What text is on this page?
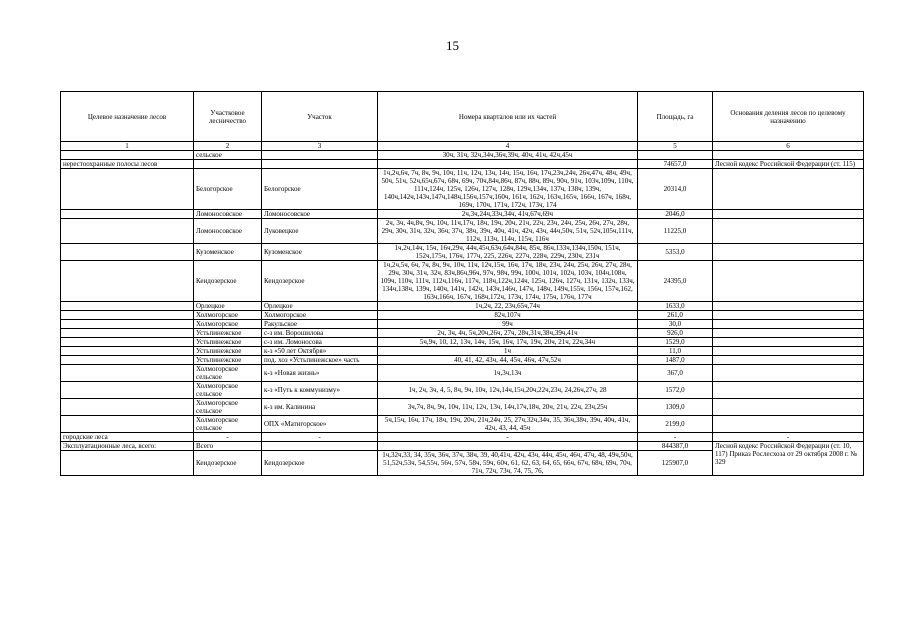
15
Целевое назначение лесов	Участковое лесничество	Участок	Номера кварталов или их частей	Площадь, га	Основания деления лесов по целевому назначению
1	2	3	4	5	6
	сельское		30ч, 31ч, 32ч,34ч,36ч,39ч, 40ч, 41ч, 42ч,45ч		
нерестоохранные полосы лесов				74657,0	Лесной кодекс Российской Федерации (ст. 115)
	Белогорское	Белогорское	1ч,2ч,6ч, 7ч, 8ч, 9ч, 10ч, 11ч, 12ч, 13ч, 14ч, 15ч, 16ч, 17ч,23ч,24ч, 26ч,47ч, 48ч, 49ч, 50ч, 51ч, 52ч,65ч,67ч, 68ч, 69ч, 70ч,84ч,86ч, 87ч, 88ч, 89ч, 90ч, 91ч, 103ч,109ч, 110ч, 111ч,124ч, 125ч, 126ч, 127ч, 128ч, 129ч,134ч, 137ч, 138ч, 139ч, 140ч,142ч,143ч,147ч,148ч,156ч,157ч,160ч, 161ч, 162ч, 163ч,165ч, 166ч, 167ч, 168ч, 169ч, 170ч, 171ч, 172ч, 173ч, 174	20314,0	
	Ломоносовское	Ломоносовское	2ч,3ч,24ч,33ч,34ч, 41ч,67ч,69ч	2046,0	
	Ломоносовское	Луковецкое	2ч, 3ч, 4ч,8ч, 9ч, 10ч, 11ч,17ч, 18ч, 19ч, 20ч, 21ч, 22ч, 23ч, 24ч, 25ч, 26ч, 27ч, 28ч, 29ч, 30ч, 31ч, 32ч, 36ч, 37ч, 38ч, 39ч, 40ч, 41ч, 42ч, 43ч, 44ч,50ч, 51ч, 52ч,105ч,111ч, 112ч, 113ч, 114ч, 115ч, 116ч	11225,0	
	Кузоменское	Кузоменское	1ч,2ч,14ч, 15ч, 16ч,29ч, 44ч,45ч,63ч,64ч,84ч, 85ч, 86ч,133ч,134ч,150ч, 151ч, 152ч,175ч, 176ч, 177ч, 225, 226ч, 227ч, 228ч, 229ч, 230ч, 231ч	5353,0	
	Кеидозерское	Кеидозерское	1ч,2ч,5ч, 6ч, 7ч, 8ч, 9ч, 10ч, 11ч, 12ч,15ч, 16ч, 17ч, 18ч, 23ч, 24ч, 25ч, 26ч, 27ч, 28ч, 29ч, 30ч, 31ч, 32ч, 83ч,86ч,96ч, 97ч, 98ч, 99ч, 100ч, 101ч, 102ч, 103ч, 104ч,108ч, 109ч, 110ч, 111ч, 112ч,116ч, 117ч, 118ч,122ч,124ч, 125ч, 126ч, 127ч, 131ч, 132ч, 133ч, 134ч,138ч, 139ч, 140ч, 141ч, 142ч, 143ч,146ч, 147ч, 148ч, 149ч,155ч, 156ч, 157ч,162, 163ч,166ч, 167ч, 168ч,172ч, 173ч, 174ч, 175ч, 176ч, 177ч	24395,0	
	Орлецкое	Орлецкое	1ч,2ч, 22, 23ч,65ч,74ч	1633,0	
	Холмогорское	Холмогорское	82ч,107ч	261,0	
	Холмогорское	Ракульское	99ч	30,0	
	Устьпинежское	с-з им. Ворошилова	2ч, 3ч, 4ч, 5ч,20ч,26ч, 27ч, 28ч,31ч,38ч,39ч,41ч	926,0	
	Устьпинежское	с-з им. Ломоносова	5ч,9ч, 10, 12, 13ч, 14ч, 15ч, 16ч, 17ч, 19ч, 20ч, 21ч, 22ч,34ч	1529,0	
	Устьпинежское	к-з «50 лет Октября»	1ч	11,0	
	Устьпинежское	под. хоз «Устьпинежское» часть	40, 41, 42, 43ч, 44, 45ч, 46ч, 47ч,52ч	1487,0	
	Холмогорское сельское	к-з «Новая жизнь»	1ч,3ч,13ч	367,0	
	Холмогорское сельское	к-з «Путь к коммунизму»	1ч, 2ч, 3ч, 4, 5, 8ч, 9ч, 10ч, 12ч,14ч,15ч,20ч,22ч,23ч, 24,26ч,27ч, 28	1572,0	
	Холмогорское сельское	к-з им. Калинина	3ч,7ч, 8ч, 9ч, 10ч, 11ч, 12ч, 13ч, 14ч,17ч,18ч, 20ч, 21ч, 22ч, 23ч,25ч	1309,0	
	Холмогорское сельское	ОПХ «Матигорское»	5ч,15ч, 16ч, 17ч, 18ч, 19ч, 20ч, 21ч,24ч, 25, 27ч,32ч,34ч, 35, 36ч,38ч, 39ч, 40ч, 41ч, 42ч, 43, 44, 45ч	2199,0	
городские леса	-	-	-	-	-
Эксплуатационные леса, всего:	Всего			844387,0	Лесной кодекс Российской Федерации (ст. 10, 117) Приказ Рослесхоза от 29 октября 2008 г. № 329
	Кеидозерское	Кеидозерское	1ч,32ч,33, 34, 35ч, 36ч, 37ч, 38ч, 39, 40,41ч, 42ч, 43ч, 44ч, 45ч, 46ч, 47ч, 48, 49ч,50ч, 51,52ч,53ч, 54,55ч, 56ч, 57ч, 58ч, 59ч, 60ч, 61, 62, 63, 64, 65, 66ч, 67ч, 68ч, 69ч, 70ч, 71ч, 72ч, 73ч, 74, 75, 76,	125907,0	
